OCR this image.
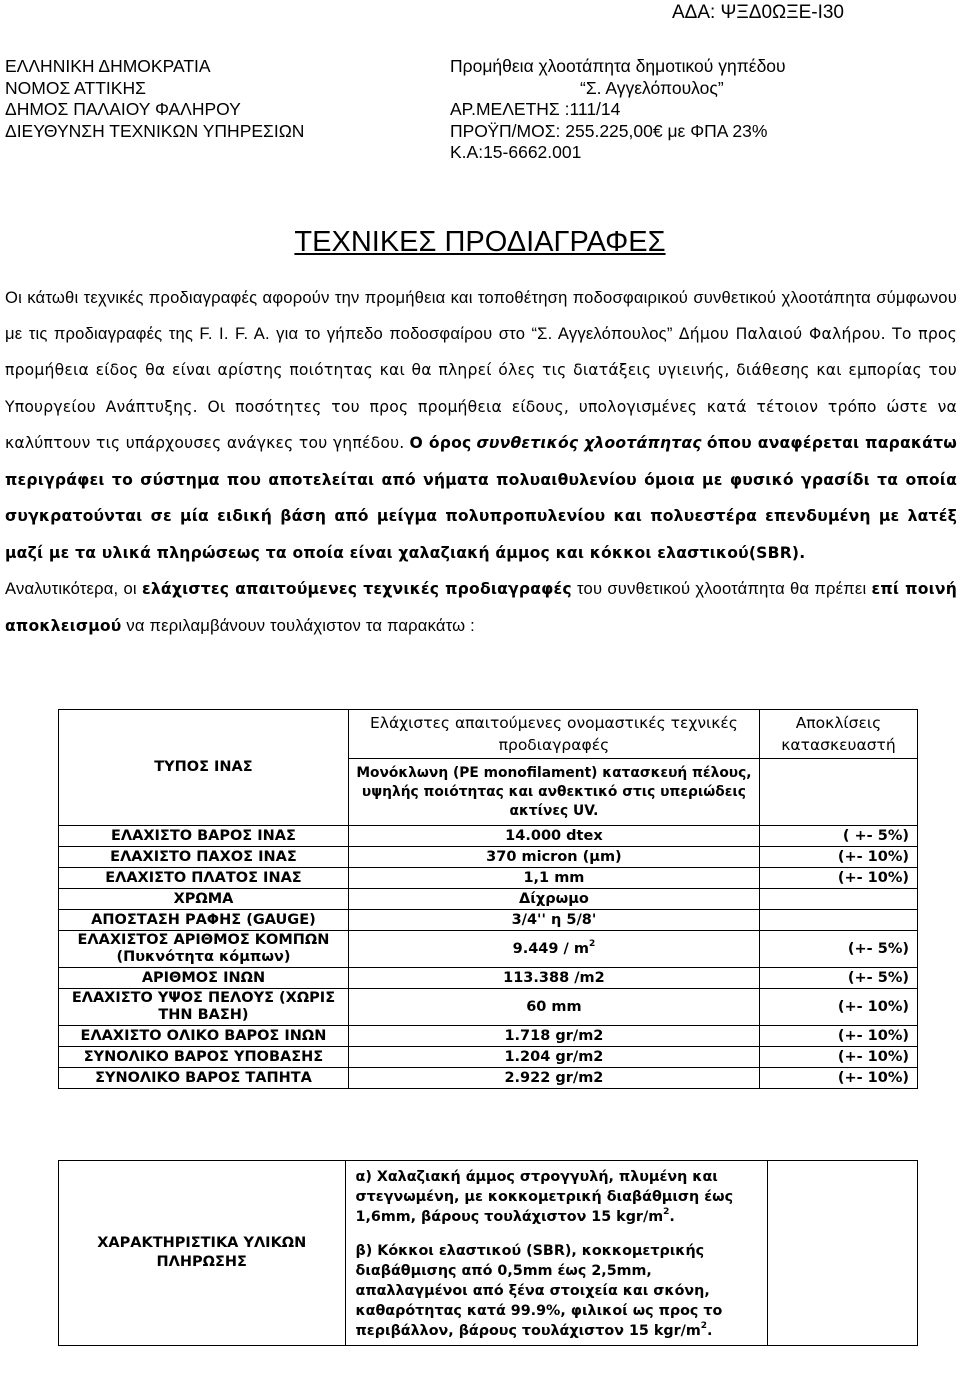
ΑΔΑ: ΨΞΔ0ΩΞΕ-Ι30
ΕΛΛΗΝΙΚΗ ΔΗΜΟΚΡΑΤΙΑ
ΝΟΜΟΣ ΑΤΤΙΚΗΣ
ΔΗΜΟΣ ΠΑΛΑΙΟΥ ΦΑΛΗΡΟΥ
ΔΙΕΥΘΥΝΣΗ ΤΕΧΝΙΚΩΝ ΥΠΗΡΕΣΙΩΝ
Προμήθεια χλοοτάπητα δημοτικού γηπέδου
“Σ. Αγγελόπουλος”
ΑΡ.ΜΕΛΕΤΗΣ :111/14
ΠΡΟΫΠ/ΜΟΣ: 255.225,00€ με ΦΠΑ 23%
Κ.Α:15-6662.001
ΤΕΧΝΙΚΕΣ ΠΡΟΔΙΑΓΡΑΦΕΣ

Οι κάτωθι τεχνικές προδιαγραφές αφορούν την προμήθεια και τοποθέτηση ποδοσφαιρικού συνθετικού χλοοτάπητα σύμφωνου με τις προδιαγραφές της F. I. F. A. για το γήπεδο ποδοσφαίρου στο “Σ. Αγγελόπουλος” Δήμου Παλαιού Φαλήρου. Το προς προμήθεια είδος θα είναι αρίστης ποιότητας και θα πληρεί όλες τις διατάξεις υγιεινής, διάθεσης και εμπορίας του Υπουργείου Ανάπτυξης. Οι ποσότητες του προς προμήθεια είδους, υπολογισμένες κατά τέτοιον τρόπο ώστε να καλύπτουν τις υπάρχουσες ανάγκες του γηπέδου. Ο όρος συνθετικός χλοοτάπητας όπου αναφέρεται παρακάτω περιγράφει το σύστημα που αποτελείται από νήματα πολυαιθυλενίου όμοια με φυσικό γρασίδι τα οποία συγκρατούνται σε μία ειδική βάση από μείγμα πολυπροπυλενίου και πολυεστέρα επενδυμένη με λατέξ μαζί με τα υλικά πληρώσεως τα οποία είναι χαλαζιακή άμμος και κόκκοι ελαστικού(SBR).

Αναλυτικότερα, οι ελάχιστες απαιτούμενες τεχνικές προδιαγραφές του συνθετικού χλοοτάπητα θα πρέπει επί ποινή αποκλεισμού να περιλαμβάνουν τουλάχιστον τα παρακάτω :

ΤΥΠΟΣ ΙΝΑΣ	Ελάχιστες απαιτούμενες ονομαστικές τεχνικές προδιαγραφές	Αποκλίσεις κατασκευαστή
	Μονόκλωνη (PE monofilament) κατασκευή πέλους, υψηλής ποιότητας και ανθεκτικό στις υπεριώδεις ακτίνες UV.	
ΕΛΑΧΙΣΤΟ ΒΑΡΟΣ ΙΝΑΣ	14.000 dtex	( +- 5%)
ΕΛΑΧΙΣΤΟ ΠΑΧΟΣ ΙΝΑΣ	370 micron (μm)	(+- 10%)
ΕΛΑΧΙΣΤΟ ΠΛΑΤΟΣ ΙΝΑΣ	1,1 mm	(+- 10%)
ΧΡΩΜΑ	Δίχρωμο	
ΑΠΟΣΤΑΣΗ ΡΑΦΗΣ (GAUGE)	3/4'' η 5/8'	
ΕΛΑΧΙΣΤΟΣ ΑΡΙΘΜΟΣ ΚΟΜΠΩΝ (Πυκνότητα κόμπων)	$9.449 / m^2$	(+- 5%)
ΑΡΙΘΜΟΣ ΙΝΩΝ	113.388 /m2	(+- 5%)
ΕΛΑΧΙΣΤΟ ΥΨΟΣ ΠΕΛΟΥΣ (ΧΩΡΙΣ ΤΗΝ ΒΑΣΗ)	60 mm	(+- 10%)
ΕΛΑΧΙΣΤΟ ΟΛΙΚΟ ΒΑΡΟΣ ΙΝΩΝ	1.718 gr/m2	(+- 10%)
ΣΥΝΟΛΙΚΟ ΒΑΡΟΣ ΥΠΟΒΑΣΗΣ	1.204 gr/m2	(+- 10%)
ΣΥΝΟΛΙΚΟ ΒΑΡΟΣ ΤΑΠΗΤΑ	2.922 gr/m2	(+- 10%)
ΧΑΡΑΚΤΗΡΙΣΤΙΚΑ ΥΛΙΚΩΝ ΠΛΗΡΩΣΗΣ	

α) Χαλαζιακή άμμος στρογγυλή, πλυμένη και στεγνωμένη, με κοκκομετρική διαβάθμιση έως 1,6mm, βάρους τουλάχιστον 15 kgr/$m^2$.

β) Κόκκοι ελαστικού (SBR), κοκκομετρικής διαβάθμισης από 0,5mm έως 2,5mm, απαλλαγμένοι από ξένα στοιχεία και σκόνη, καθαρότητας κατά 99.9%, φιλικοί ως προς το περιβάλλον, βάρους τουλάχιστον 15 kgr/$m^2$.
